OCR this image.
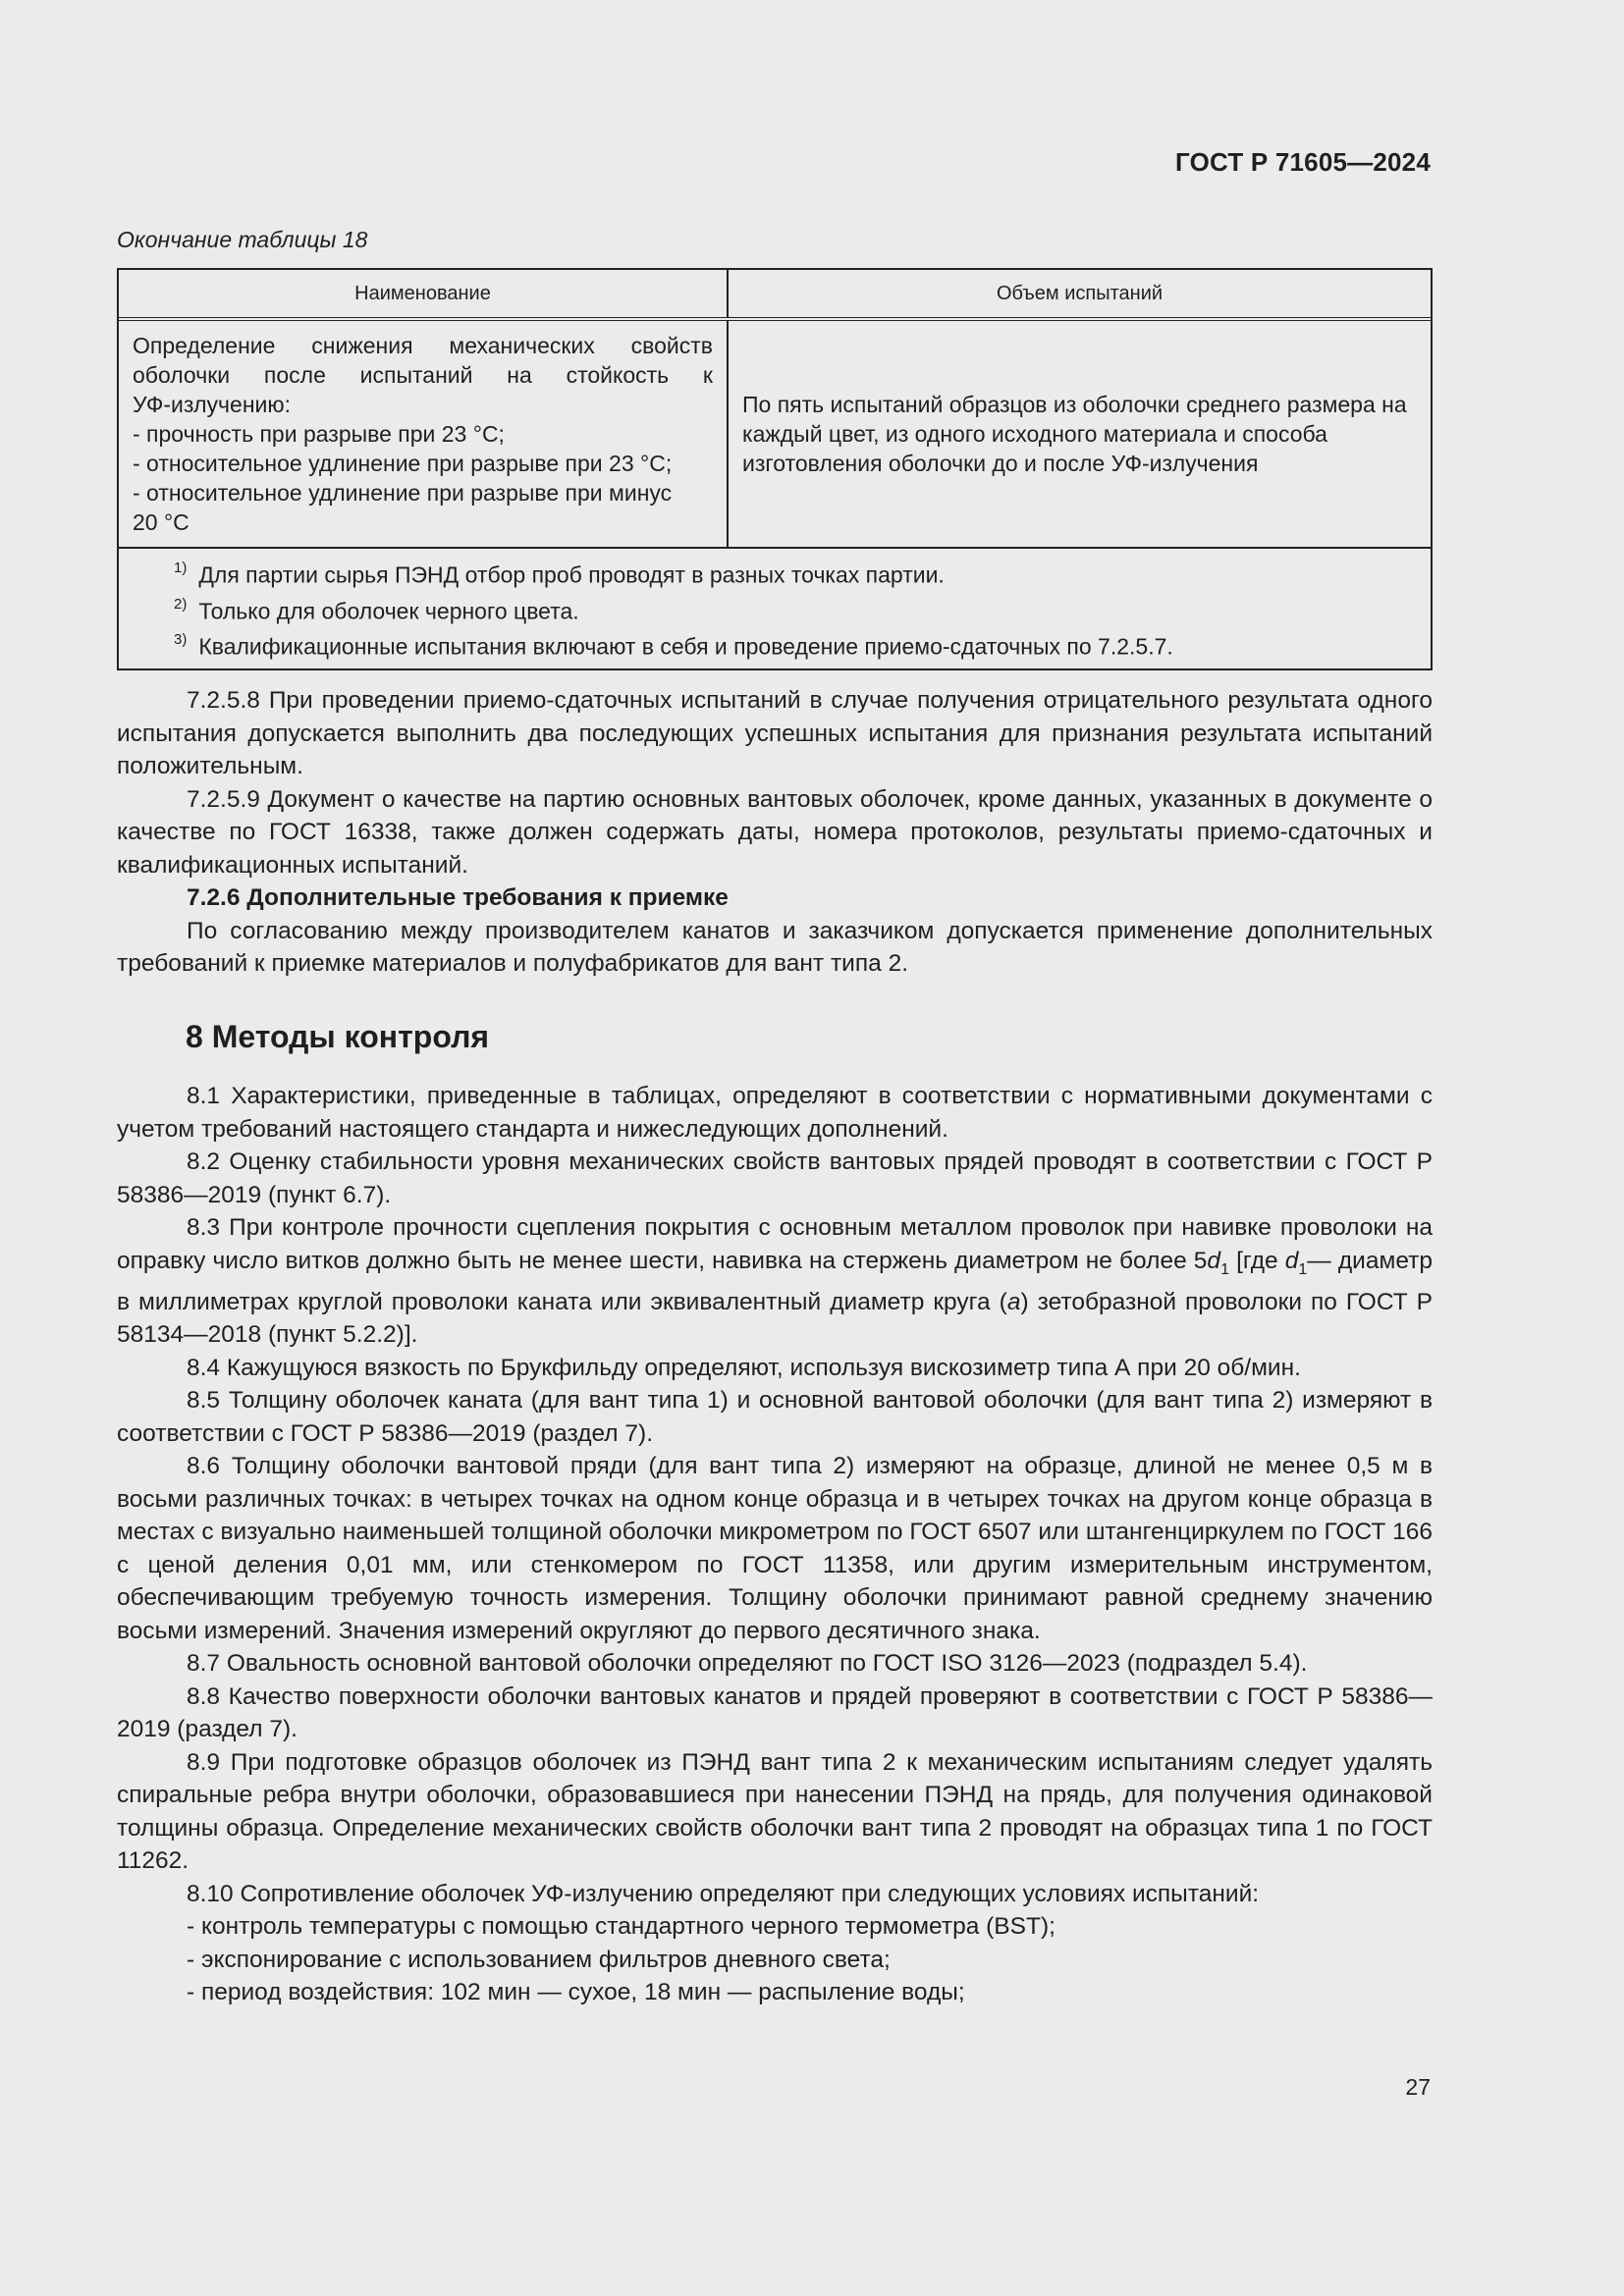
ГОСТ Р 71605—2024
Окончание таблицы 18
Наименование	Объем испытаний
Определение снижения механических свойств
оболочки после испытаний на стойкость к
УФ-излучению:
- прочность при разрыве при 23 °С;
- относительное удлинение при разрыве при 23 °С;
- относительное удлинение при разрыве при минус
20 °С
По пять испытаний образцов из оболочки среднего размера на каждый цвет, из одного исходного материала и способа изготовления оболочки до и после УФ-излучения
$^{1)}$ Для партии сырья ПЭНД отбор проб проводят в разных точках партии.
$^{2)}$ Только для оболочек черного цвета.
$^{3)}$ Квалификационные испытания включают в себя и проведение приемо-сдаточных по 7.2.5.7.

7.2.5.8 При проведении приемо-сдаточных испытаний в случае получения отрицательного результата одного испытания допускается выполнить два последующих успешных испытания для признания результата испытаний положительным.

7.2.5.9 Документ о качестве на партию основных вантовых оболочек, кроме данных, указанных в документе о качестве по ГОСТ 16338, также должен содержать даты, номера протоколов, результаты приемо-сдаточных и квалификационных испытаний.

7.2.6 Дополнительные требования к приемке

По согласованию между производителем канатов и заказчиком допускается применение дополнительных требований к приемке материалов и полуфабрикатов для вант типа 2.

8 Методы контроля

8.1 Характеристики, приведенные в таблицах, определяют в соответствии с нормативными документами с учетом требований настоящего стандарта и нижеследующих дополнений.

8.2 Оценку стабильности уровня механических свойств вантовых прядей проводят в соответствии с ГОСТ Р 58386—2019 (пункт 6.7).

8.3 При контроле прочности сцепления покрытия с основным металлом проволок при навивке проволоки на оправку число витков должно быть не менее шести, навивка на стержень диаметром не более $5d_1$ [где $d_1—$ диаметр в миллиметрах круглой проволоки каната или эквивалентный диаметр круга (a) зетобразной проволоки по ГОСТ Р 58134—2018 (пункт 5.2.2)].

8.4 Кажущуюся вязкость по Брукфильду определяют, используя вискозиметр типа А при 20 об/мин.

8.5 Толщину оболочек каната (для вант типа 1) и основной вантовой оболочки (для вант типа 2) измеряют в соответствии с ГОСТ Р 58386—2019 (раздел 7).

8.6 Толщину оболочки вантовой пряди (для вант типа 2) измеряют на образце, длиной не менее 0,5 м в восьми различных точках: в четырех точках на одном конце образца и в четырех точках на другом конце образца в местах с визуально наименьшей толщиной оболочки микрометром по ГОСТ 6507 или штангенциркулем по ГОСТ 166 с ценой деления 0,01 мм, или стенкомером по ГОСТ 11358, или другим измерительным инструментом, обеспечивающим требуемую точность измерения. Толщину оболочки принимают равной среднему значению восьми измерений. Значения измерений округляют до первого десятичного знака.

8.7 Овальность основной вантовой оболочки определяют по ГОСТ ISO 3126—2023 (подраздел 5.4).

8.8 Качество поверхности оболочки вантовых канатов и прядей проверяют в соответствии с ГОСТ Р 58386—2019 (раздел 7).

8.9 При подготовке образцов оболочек из ПЭНД вант типа 2 к механическим испытаниям следует удалять спиральные ребра внутри оболочки, образовавшиеся при нанесении ПЭНД на прядь, для получения одинаковой толщины образца. Определение механических свойств оболочки вант типа 2 проводят на образцах типа 1 по ГОСТ 11262.

8.10 Сопротивление оболочек УФ-излучению определяют при следующих условиях испытаний:

- контроль температуры с помощью стандартного черного термометра (BST);

- экспонирование с использованием фильтров дневного света;

- период воздействия: 102 мин — сухое, 18 мин — распыление воды;

27
